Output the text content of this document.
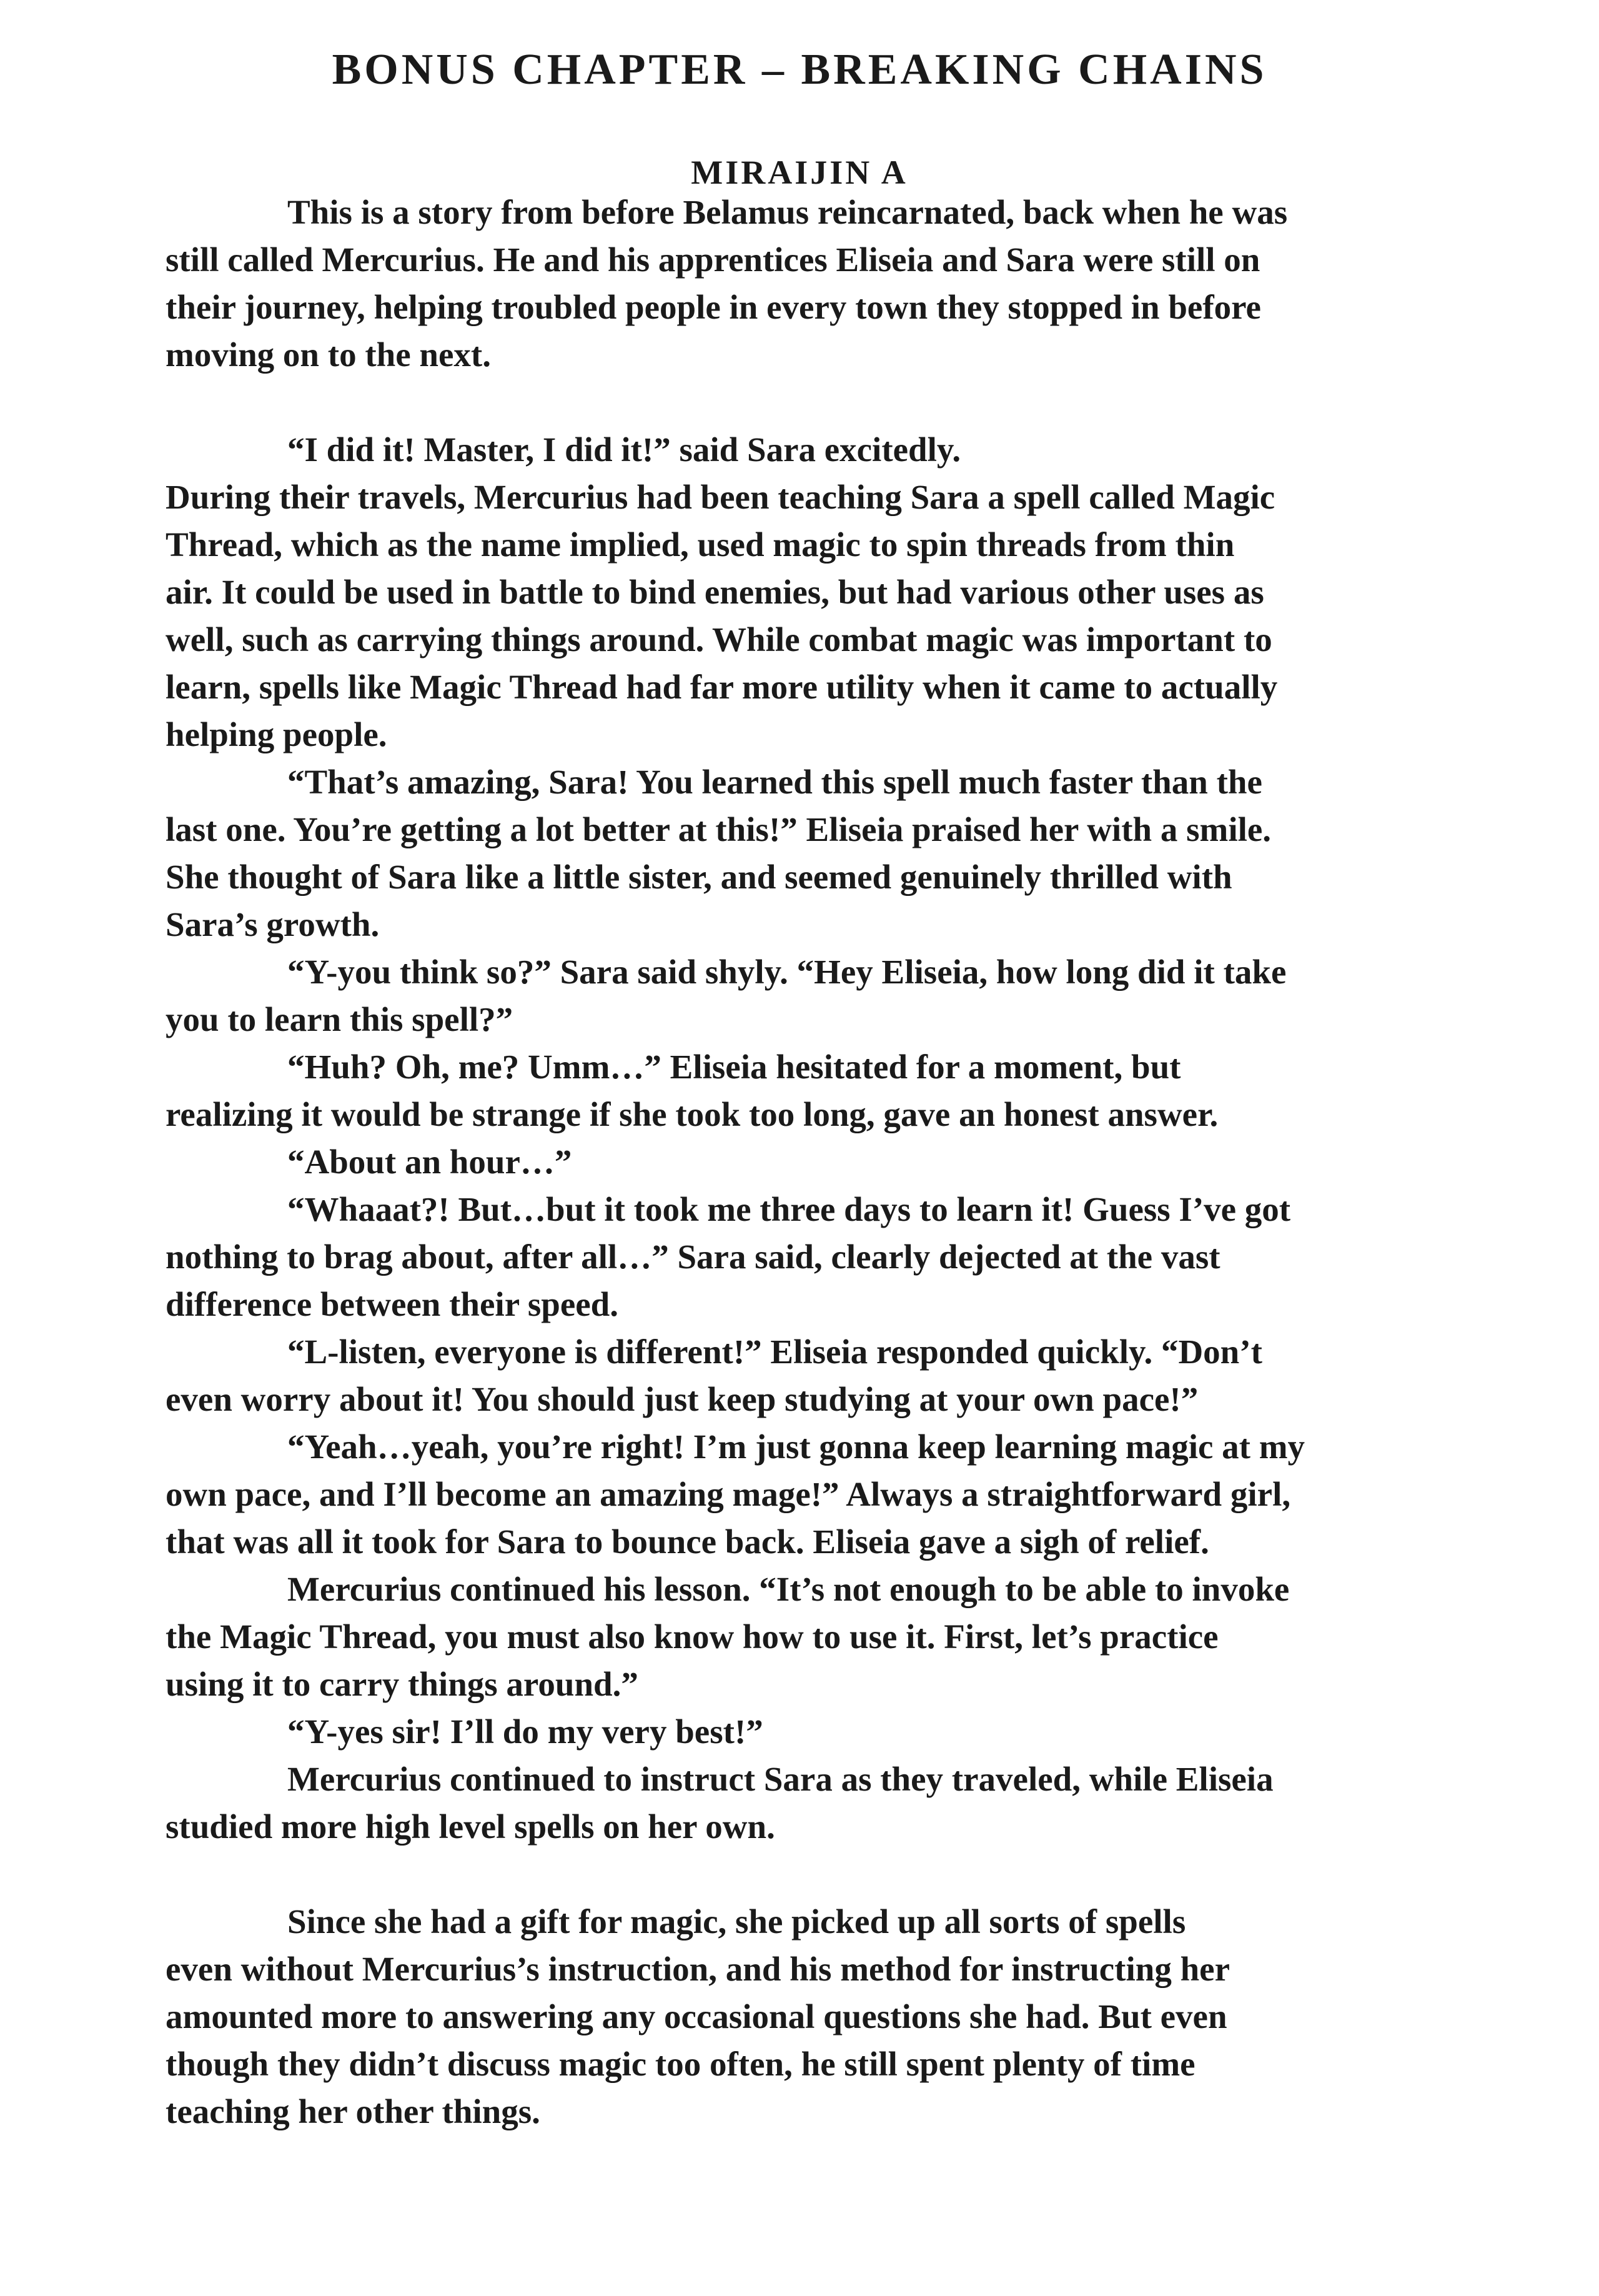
BONUS CHAPTER – BREAKING CHAINS
MIRAIJIN A
This is a story from before Belamus reincarnated, back when he was
still called Mercurius. He and his apprentices Eliseia and Sara were still on
their journey, helping troubled people in every town they stopped in before
moving on to the next.
“I did it! Master, I did it!” said Sara excitedly.
During their travels, Mercurius had been teaching Sara a spell called Magic
Thread, which as the name implied, used magic to spin threads from thin
air. It could be used in battle to bind enemies, but had various other uses as
well, such as carrying things around. While combat magic was important to
learn, spells like Magic Thread had far more utility when it came to actually
helping people.
“That’s amazing, Sara! You learned this spell much faster than the
last one. You’re getting a lot better at this!” Eliseia praised her with a smile.
She thought of Sara like a little sister, and seemed genuinely thrilled with
Sara’s growth.
“Y-you think so?” Sara said shyly. “Hey Eliseia, how long did it take
you to learn this spell?”
“Huh? Oh, me? Umm…” Eliseia hesitated for a moment, but
realizing it would be strange if she took too long, gave an honest answer.
“About an hour…”
“Whaaat?! But…but it took me three days to learn it! Guess I’ve got
nothing to brag about, after all…” Sara said, clearly dejected at the vast
difference between their speed.
“L-listen, everyone is different!” Eliseia responded quickly. “Don’t
even worry about it! You should just keep studying at your own pace!”
“Yeah…yeah, you’re right! I’m just gonna keep learning magic at my
own pace, and I’ll become an amazing mage!” Always a straightforward girl,
that was all it took for Sara to bounce back. Eliseia gave a sigh of relief.
Mercurius continued his lesson. “It’s not enough to be able to invoke
the Magic Thread, you must also know how to use it. First, let’s practice
using it to carry things around.”
“Y-yes sir! I’ll do my very best!”
Mercurius continued to instruct Sara as they traveled, while Eliseia
studied more high level spells on her own.
Since she had a gift for magic, she picked up all sorts of spells
even without Mercurius’s instruction, and his method for instructing her
amounted more to answering any occasional questions she had. But even
though they didn’t discuss magic too often, he still spent plenty of time
teaching her other things.
